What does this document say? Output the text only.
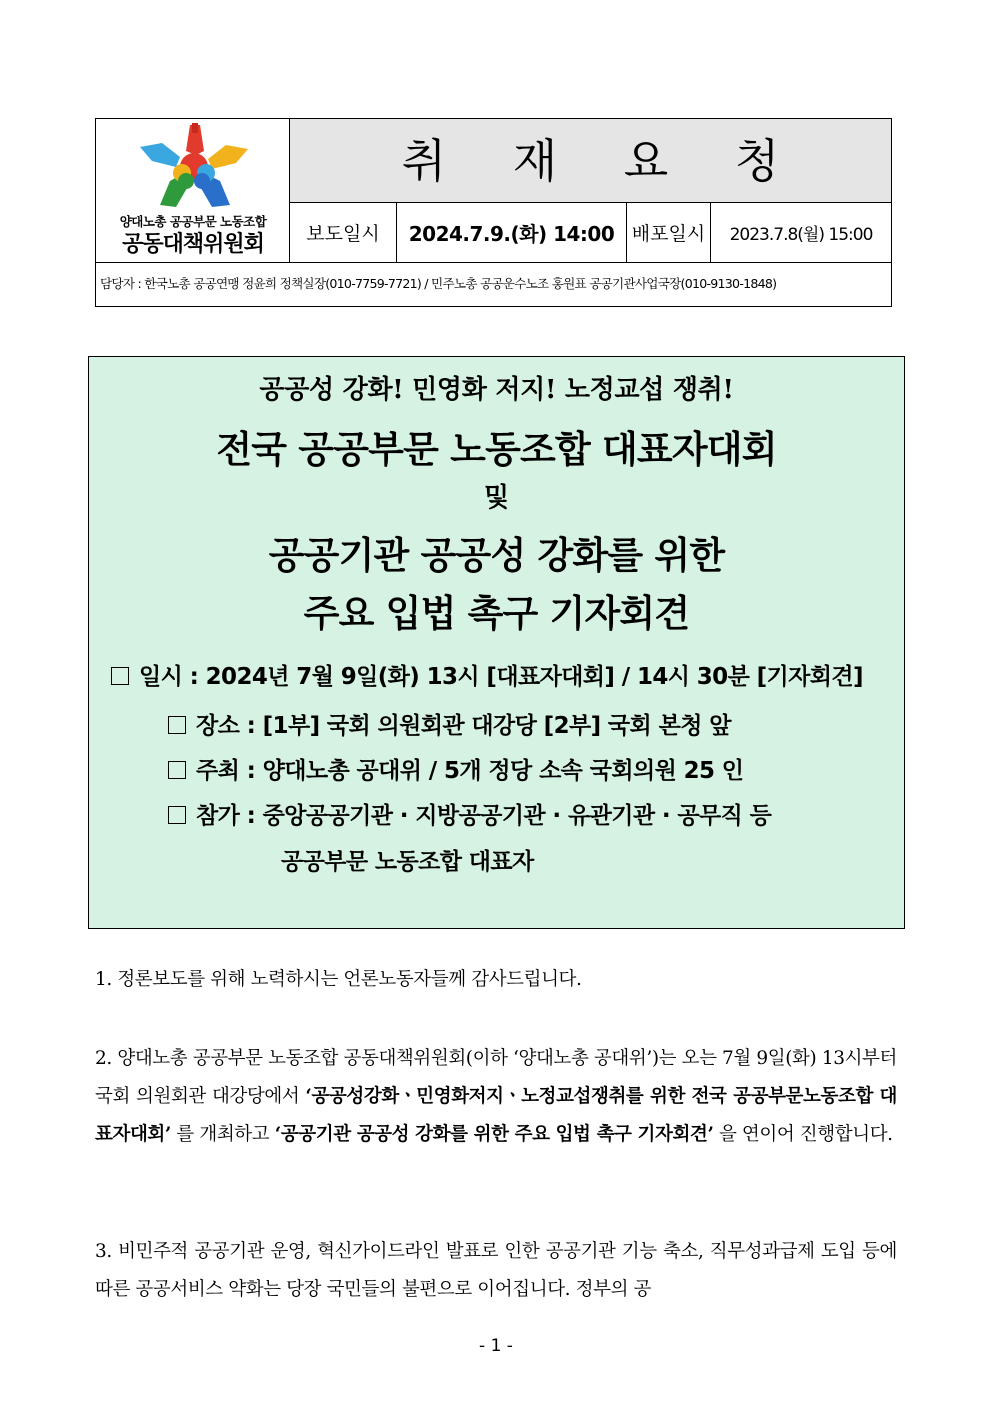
양대노총 공공부문 노동조합
공동대책위원회
취 재 요 청
보도일시	2024.7.9.(화) 14:00 배포일시	2023.7.8(월) 15:00
담당자 : 한국노총 공공연맹 정윤희 정책실장(010-7759-7721) / 민주노총 공공운수노조 홍원표 공공기관사업국장(010-9130-1848)
공공성 강화! 민영화 저지! 노정교섭 쟁취!
전국 공공부문 노동조합 대표자대회
및
공공기관 공공성 강화를 위한
주요 입법 촉구 기자회견
일시 : 2024년 7월 9일(화) 13시 [대표자대회] / 14시 30분 [기자회견]
장소 : [1부] 국회 의원회관 대강당 [2부] 국회 본청 앞
주최 : 양대노총 공대위 / 5개 정당 소속 국회의원 25 인
참가 : 중앙공공기관 · 지방공공기관 · 유관기관 · 공무직 등
공공부문 노동조합 대표자
1. 정론보도를 위해 노력하시는 언론노동자들께 감사드립니다.
2. 양대노총 공공부문 노동조합 공동대책위원회(이하 ‘양대노총 공대위’)는 오는 7월 9일(화) 13시부터 국회 의원회관 대강당에서 ‘공공성강화ㆍ민영화저지ㆍ노정교섭쟁취를 위한 전국 공공부문노동조합 대표자대회’ 를 개최하고 ‘공공기관 공공성 강화를 위한 주요 입법 촉구 기자회견’ 을 연이어 진행합니다.
3. 비민주적 공공기관 운영, 혁신가이드라인 발표로 인한 공공기관 기능 축소, 직무성과급제 도입 등에 따른 공공서비스 약화는 당장 국민들의 불편으로 이어집니다. 정부의 공
- 1 -
